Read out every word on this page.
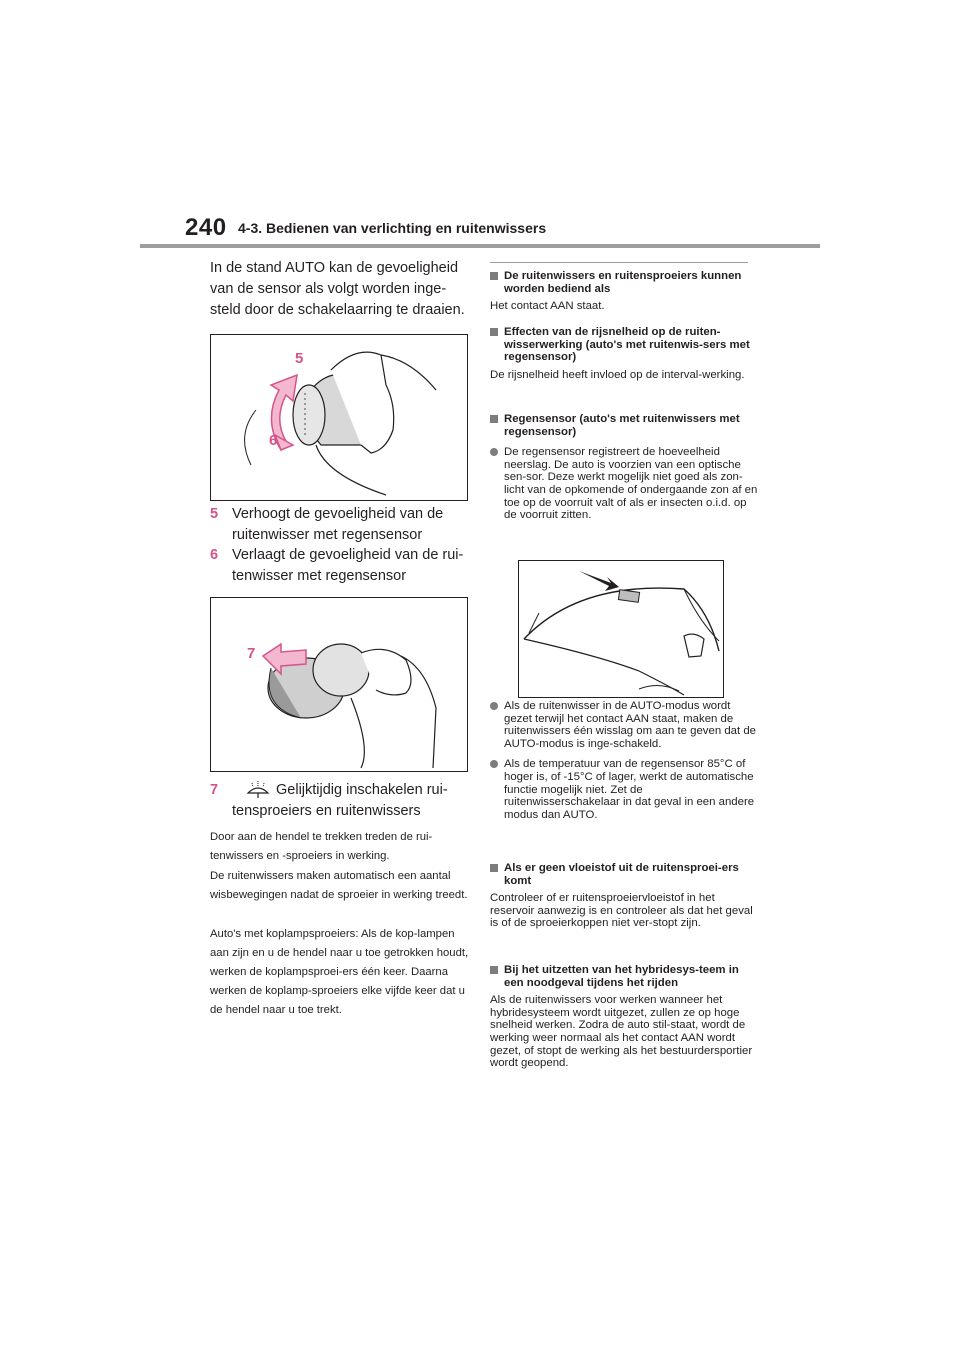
240 4-3. Bedienen van verlichting en ruitenwissers

In de stand AUTO kan de gevoeligheid van de sensor als volgt worden inge-steld door de schakelaarring te draaien.

5
6
5 Verhoogt de gevoeligheid van de ruitenwisser met regensensor
6 Verlaagt de gevoeligheid van de rui-tenwisser met regensensor
7
7	Gelijktijdig inschakelen rui-
tensproeiers en ruitenwissers
Door aan de hendel te trekken treden de rui-tenwissers en -sproeiers in werking.
De ruitenwissers maken automatisch een aantal wisbewegingen nadat de sproeier in werking treedt.
Auto's met koplampsproeiers: Als de kop-lampen aan zijn en u de hendel naar u toe getrokken houdt, werken de koplampsproei-ers één keer. Daarna werken de koplamp-sproeiers elke vijfde keer dat u de hendel naar u toe trekt.
De ruitenwissers en ruitensproeiers kunnen worden bediend als
Het contact AAN staat.
Effecten van de rijsnelheid op de ruiten-wisserwerking (auto's met ruitenwis-sers met regensensor)
De rijsnelheid heeft invloed op de interval-werking.
Regensensor (auto's met ruitenwissers met regensensor)
De regensensor registreert de hoeveelheid neerslag. De auto is voorzien van een optische sen-sor. Deze werkt mogelijk niet goed als zon-licht van de opkomende of ondergaande zon af en toe op de voorruit valt of als er insecten o.i.d. op de voorruit zitten.
Als de ruitenwisser in de AUTO-modus wordt gezet terwijl het contact AAN staat, maken de ruitenwissers één wisslag om aan te geven dat de AUTO-modus is inge-schakeld.
Als de temperatuur van de regensensor 85°C of hoger is, of -15°C of lager, werkt de automatische functie mogelijk niet. Zet de ruitenwisserschakelaar in dat geval in een andere modus dan AUTO.
Als er geen vloeistof uit de ruitensproei-ers komt
Controleer of er ruitensproeiervloeistof in het reservoir aanwezig is en controleer als dat het geval is of de sproeierkoppen niet ver-stopt zijn.
Bij het uitzetten van het hybridesys-teem in een noodgeval tijdens het rijden
Als de ruitenwissers voor werken wanneer het hybridesysteem wordt uitgezet, zullen ze op hoge snelheid werken. Zodra de auto stil-staat, wordt de werking weer normaal als het contact AAN wordt gezet, of stopt de werking als het bestuurdersportier wordt geopend.
